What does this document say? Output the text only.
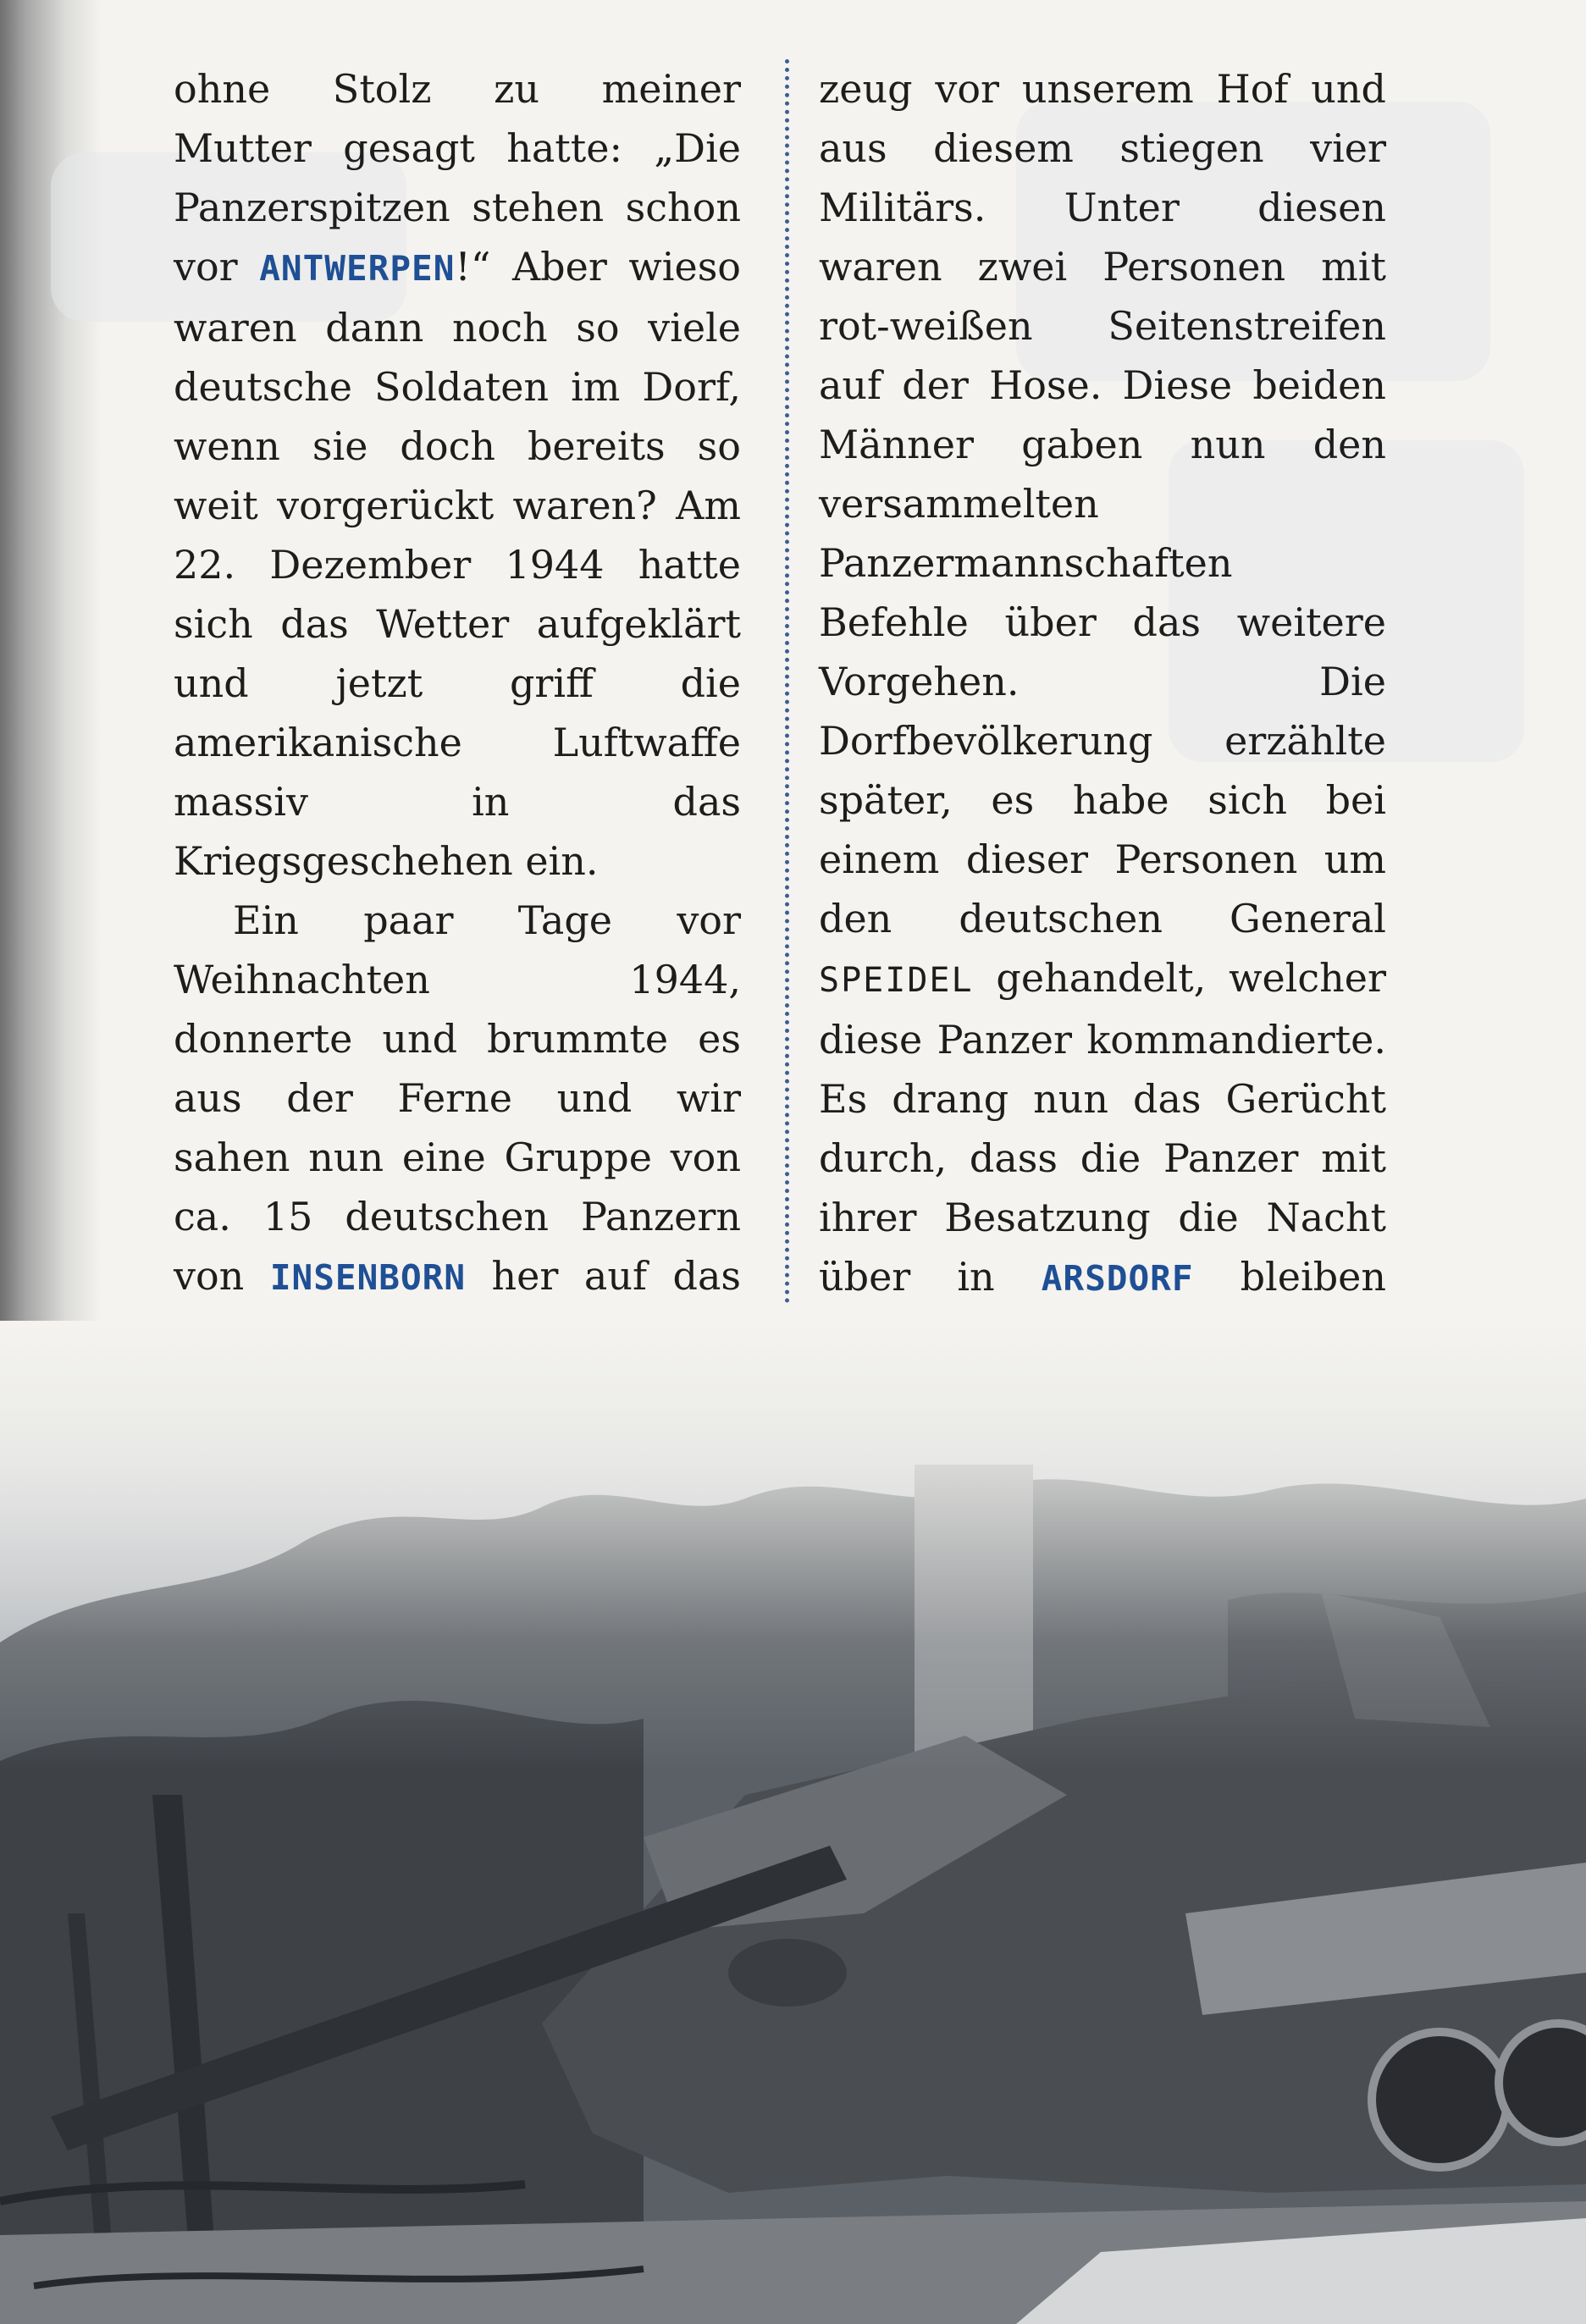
ohne Stolz zu meiner Mutter gesagt hatte: „Die Panzerspitzen stehen schon vor ANTWERPEN!“ Aber wieso waren dann noch so viele deutsche Soldaten im Dorf, wenn sie doch bereits so weit vorgerückt waren? Am 22. Dezember 1944 hatte sich das Wetter aufgeklärt und jetzt griff die amerikanische Luftwaffe massiv in das Kriegsgeschehen ein.

Ein paar Tage vor Weihnachten 1944, donnerte und brummte es aus der Ferne und wir sahen nun eine Gruppe von ca. 15 deutschen Panzern von INSENBORN her auf das

zeug vor unserem Hof und aus diesem stiegen vier Militärs. Unter diesen waren zwei Personen mit rot-weißen Seitenstreifen auf der Hose. Diese beiden Männer gaben nun den versammelten Panzermannschaften Befehle über das weitere Vorgehen. Die Dorfbevölkerung erzählte später, es habe sich bei einem dieser Personen um den deutschen General SPEIDEL gehandelt, welcher diese Panzer kommandierte. Es drang nun das Gerücht durch, dass die Panzer mit ihrer Besatzung die Nacht über in ARSDORF bleiben
